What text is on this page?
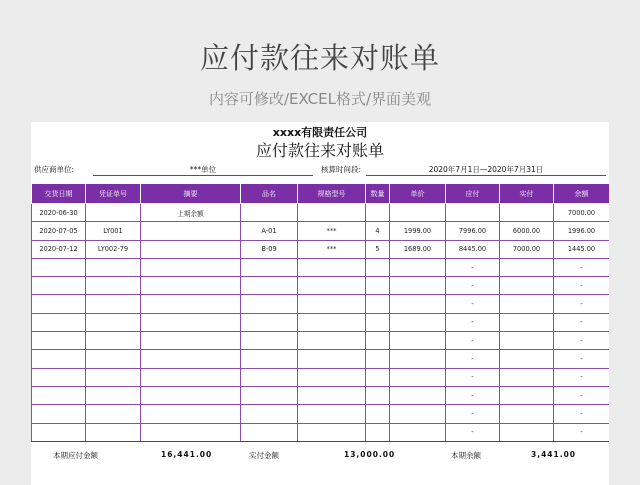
应付款往来对账单
内容可修改/EXCEL格式/界面美观
xxxx有限责任公司
应付款往来对账单
供应商单位:	***单位	核算时间段:	2020年7月1日—2020年7月31日
交货日期	凭证单号	摘要	品名	规格型号	数量	单价	应付	实付	余额
2020-06-30		上期余额							7000.00
2020-07-05	LY001		A-01	***	4	1999.00	7996.00	6000.00	1996.00
2020-07-12	LY002-79		B-09	***	5	1689.00	8445.00	7000.00	1445.00
							-		-
							-		-
							-		-
							-		-
							-		-
							-		-
							-		-
							-		-
							-		-
							-		-
本期应付金额	16,441.00	实付金额	13,000.00	本期余额	3,441.00
